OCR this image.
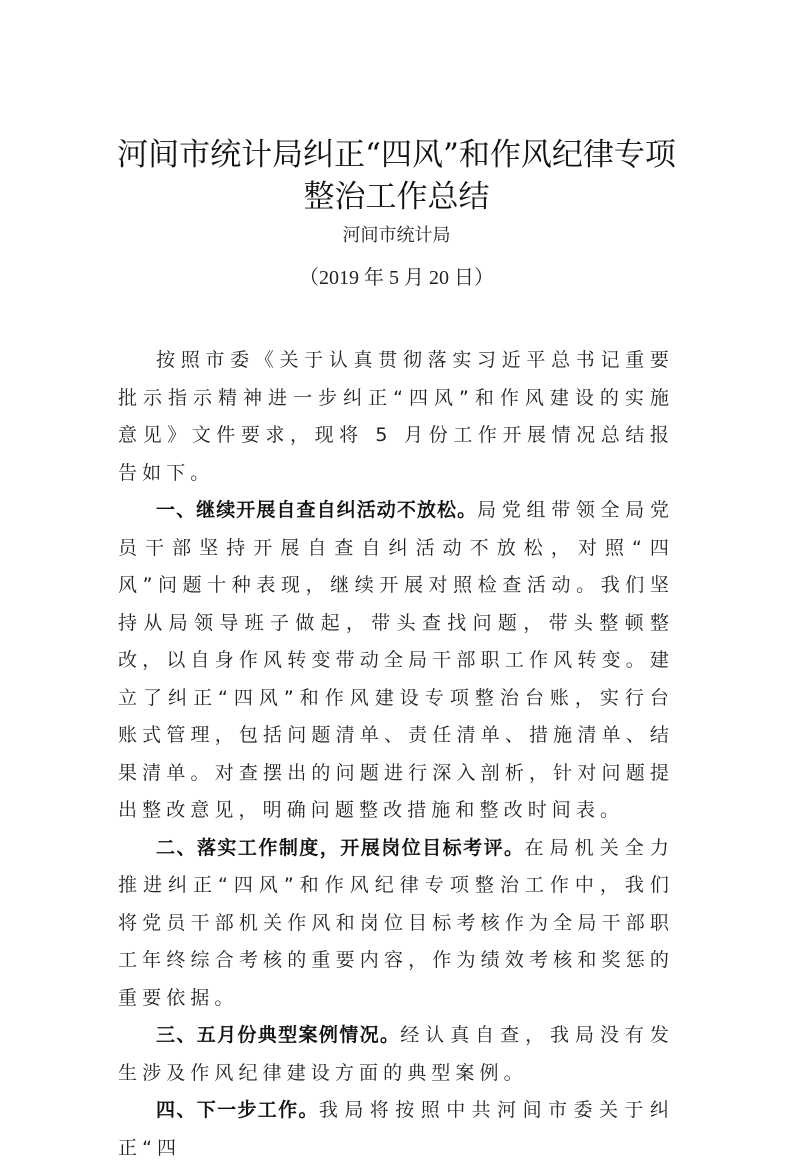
河间市统计局纠正“四风”和作风纪律专项
整治工作总结
河间市统计局
（2019 年 5 月 20 日）

按照市委《关于认真贯彻落实习近平总书记重要批示指示精神进一步纠正“四风”和作风建设的实施意见》文件要求，现将 5 月份工作开展情况总结报告如下。

一、继续开展自查自纠活动不放松。局党组带领全局党员干部坚持开展自查自纠活动不放松，对照“四风”问题十种表现，继续开展对照检查活动。我们坚持从局领导班子做起，带头查找问题，带头整顿整改，以自身作风转变带动全局干部职工作风转变。建立了纠正“四风”和作风建设专项整治台账，实行台账式管理，包括问题清单、责任清单、措施清单、结果清单。对查摆出的问题进行深入剖析，针对问题提出整改意见，明确问题整改措施和整改时间表。

二、落实工作制度，开展岗位目标考评。在局机关全力推进纠正“四风”和作风纪律专项整治工作中，我们将党员干部机关作风和岗位目标考核作为全局干部职工年终综合考核的重要内容，作为绩效考核和奖惩的重要依据。

三、五月份典型案例情况。经认真自查，我局没有发生涉及作风纪律建设方面的典型案例。

四、下一步工作。我局将按照中共河间市委关于纠正“四
